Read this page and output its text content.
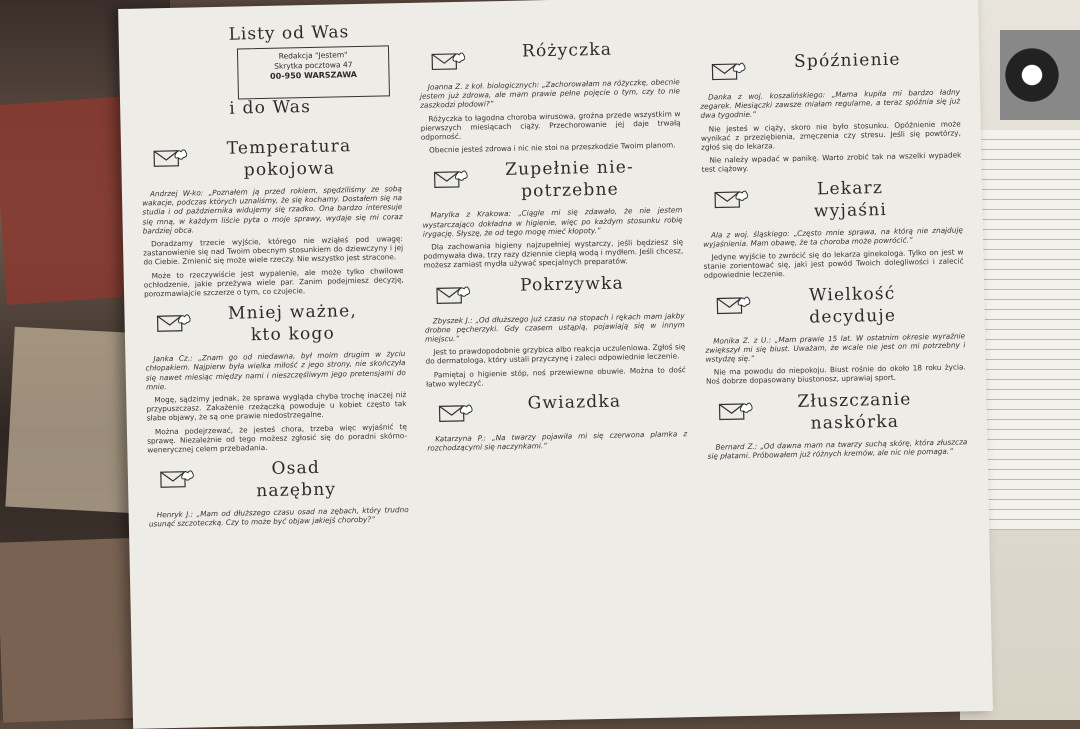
Listy od Was
Redakcja "Jestem"
Skrytka pocztowa 47

00-950 WARSZAWA
i do Was
Temperatura
pokojowa

Andrzej W-ko: „Poznałem ją przed rokiem, spędziliśmy ze sobą wakacje, podczas których uznaliśmy, że się kochamy. Dostałem się na studia i od października widujemy się rzadko. Ona bardzo interesuje się mną, w każdym liście pyta o moje sprawy, wydaje się mi coraz bardziej obca.

Doradzamy trzecie wyjście, którego nie wziąłeś pod uwagę: zastanowienie się nad Twoim obecnym stosunkiem do dziewczyny i jej do Ciebie. Zmienić się może wiele rzeczy. Nie wszystko jest stracone.

Może to rzeczywiście jest wypalenie, ale może tylko chwilowe ochłodzenie, jakie przeżywa wiele par. Zanim podejmiesz decyzję, porozmawiajcie szczerze o tym, co czujecie.

Mniej ważne,
kto kogo

Janka Cz.: „Znam go od niedawna, był moim drugim w życiu chłopakiem. Najpierw była wielka miłość z jego strony, nie skończyła się nawet miesiąc między nami i nieszczęśliwym jego pretensjami do mnie.

Mogę, sądzimy jednak, że sprawa wygląda chyba trochę inaczej niż przypuszczasz. Zakażenie rzeżączką powoduje u kobiet często tak słabe objawy, że są one prawie niedostrzegalne.

Można podejrzewać, że jesteś chora, trzeba więc wyjaśnić tę sprawę. Niezależnie od tego możesz zgłosić się do poradni skórno-wenerycznej celem przebadania.

Osad
nazębny

Henryk J.: „Mam od dłuższego czasu osad na zębach, który trudno usunąć szczoteczką. Czy to może być objaw jakiejś choroby?”

Różyczka

Joanna Z. z koł. biologicznych: „Zachorowałam na różyczkę, obecnie jestem już zdrowa, ale mam prawie pełne pojęcie o tym, czy to nie zaszkodzi płodowi?”

Różyczka to łagodna choroba wirusowa, groźna przede wszystkim w pierwszych miesiącach ciąży. Przechorowanie jej daje trwałą odporność.

Obecnie jesteś zdrowa i nic nie stoi na przeszkodzie Twoim planom.

Zupełnie nie-
potrzebne

Marylka z Krakowa: „Ciągle mi się zdawało, że nie jestem wystarczająco dokładna w higienie, więc po każdym stosunku robię irygację. Słyszę, że od tego mogę mieć kłopoty.”

Dla zachowania higieny najzupełniej wystarczy, jeśli będziesz się podmywała dwa, trzy razy dziennie ciepłą wodą i mydłem. Jeśli chcesz, możesz zamiast mydła używać specjalnych preparatów.

Pokrzywka

Zbyszek J.: „Od dłuższego już czasu na stopach i rękach mam jakby drobne pęcherzyki. Gdy czasem ustąpią, pojawiają się w innym miejscu.”

Jest to prawdopodobnie grzybica albo reakcja uczuleniowa. Zgłoś się do dermatologa, który ustali przyczynę i zaleci odpowiednie leczenie.

Pamiętaj o higienie stóp, noś przewiewne obuwie. Można to dość łatwo wyleczyć.

Gwiazdka

Katarzyna P.: „Na twarzy pojawiła mi się czerwona plamka z rozchodzącymi się naczynkami.”

Spóźnienie

Danka z woj. koszalińskiego: „Mama kupiła mi bardzo ładny zegarek. Miesiączki zawsze miałam regularne, a teraz spóźnia się już dwa tygodnie.”

Nie jesteś w ciąży, skoro nie było stosunku. Opóźnienie może wynikać z przeziębienia, zmęczenia czy stresu. Jeśli się powtórzy, zgłoś się do lekarza.

Nie należy wpadać w panikę. Warto zrobić tak na wszelki wypadek test ciążowy.

Lekarz
wyjaśni

Ala z woj. śląskiego: „Często mnie sprawa, na którą nie znajduję wyjaśnienia. Mam obawę, że ta choroba może powrócić.”

Jedyne wyjście to zwrócić się do lekarza ginekologa. Tylko on jest w stanie zorientować się, jaki jest powód Twoich dolegliwości i zalecić odpowiednie leczenie.

Wielkość
decyduje

Monika Z. z U.: „Mam prawie 15 lat. W ostatnim okresie wyraźnie zwiększył mi się biust. Uważam, że wcale nie jest on mi potrzebny i wstydzę się.”

Nie ma powodu do niepokoju. Biust rośnie do około 18 roku życia. Noś dobrze dopasowany biustonosz, uprawiaj sport.

Złuszczanie
naskórka

Bernard Z.: „Od dawna mam na twarzy suchą skórę, która złuszcza się płatami. Próbowałem już różnych kremów, ale nic nie pomaga.”
